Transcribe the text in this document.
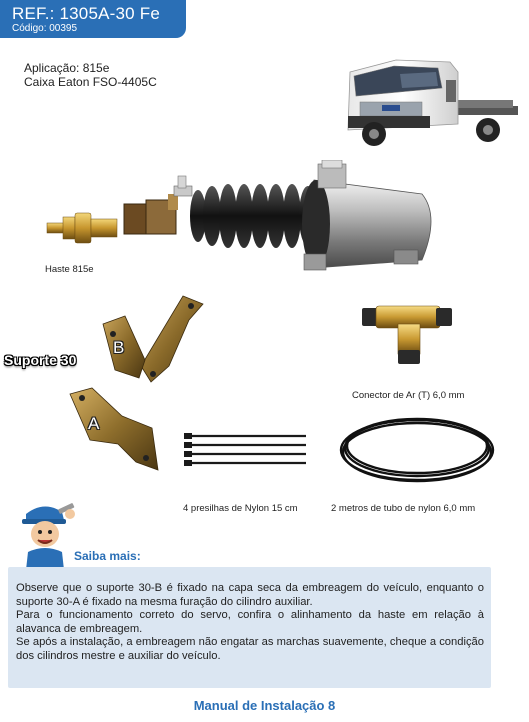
REF.: 1305A-30 Fe
Código: 00395
Aplicação: 815e
Caixa Eaton FSO-4405C
Haste 815e
B
A
Suporte 30
Conector de Ar (T) 6,0 mm
4 presilhas de Nylon 15 cm	2 metros de tubo de nylon 6,0 mm
Saiba mais:

Observe que o suporte 30-B é fixado na capa seca da embreagem do veículo, enquanto o suporte 30-A é fixado na mesma furação do cilindro auxiliar.

Para o funcionamento correto do servo, confira o alinhamento da haste em relação à alavanca de embreagem.

Se após a instalação, a embreagem não engatar as marchas suavemente, cheque a condição dos cilindros mestre e auxiliar do veículo.

Manual de Instalação 8
